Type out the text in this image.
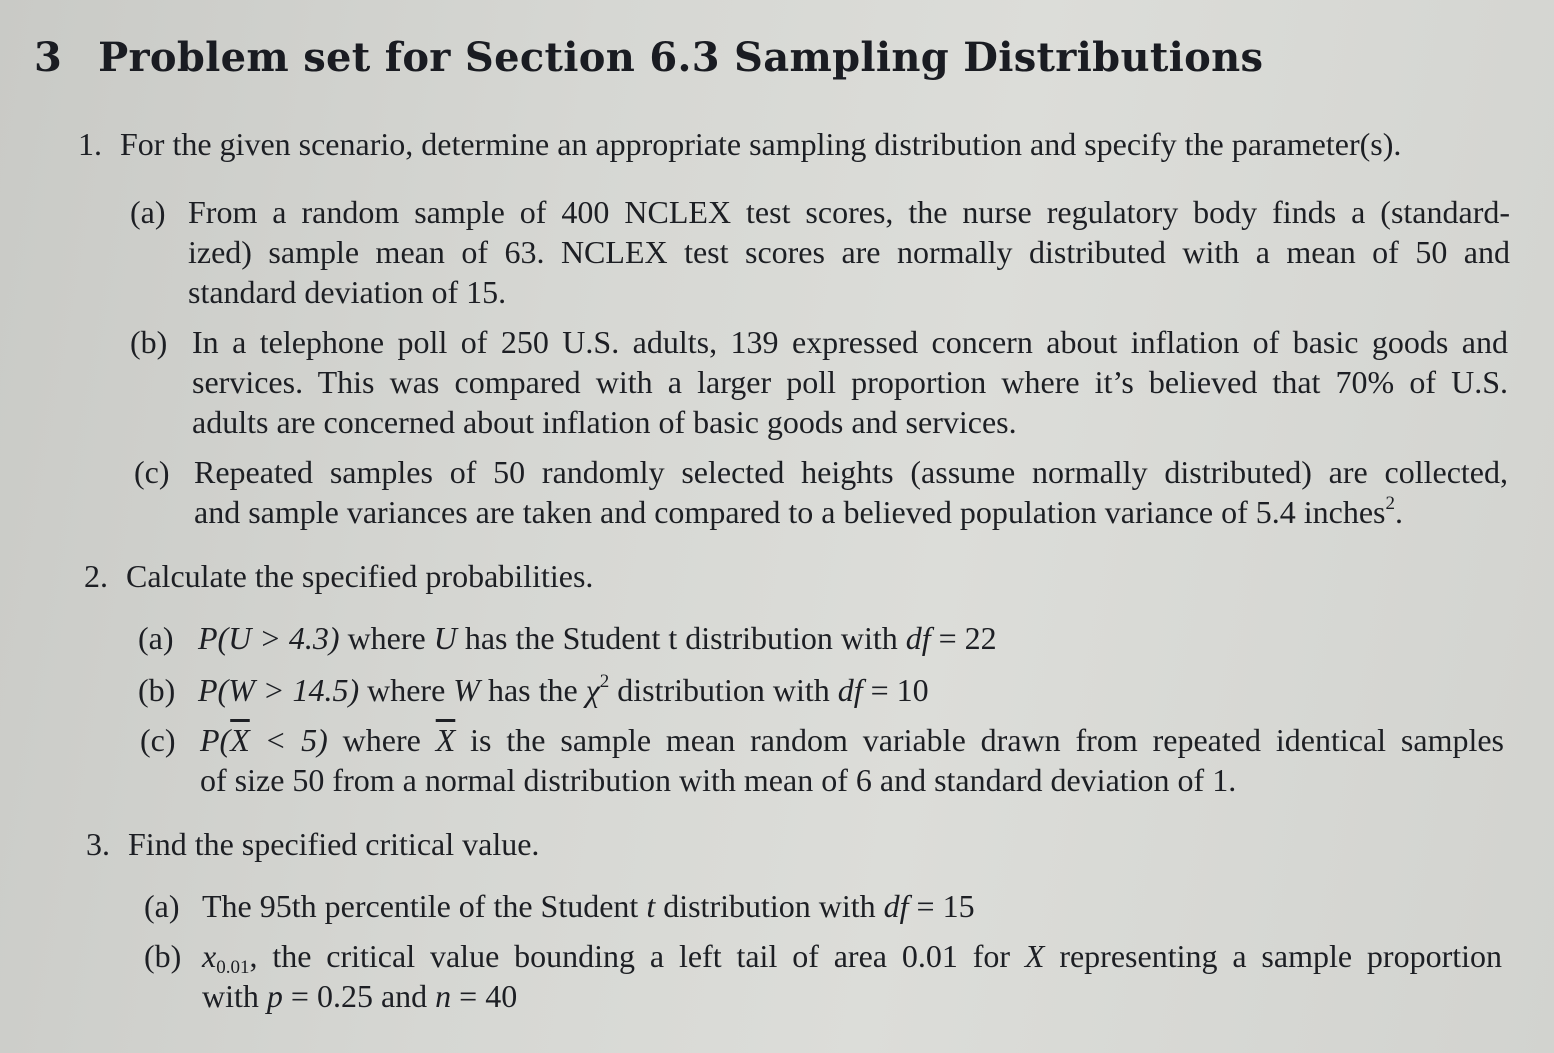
3 Problem set for Section 6.3 Sampling Distributions
1. For the given scenario, determine an appropriate sampling distribution and specify the parameter(s).
(a) From a random sample of 400 NCLEX test scores, the nurse regulatory body finds a (standard-
ized) sample mean of 63. NCLEX test scores are normally distributed with a mean of 50 and
standard deviation of 15.
(b) In a telephone poll of 250 U.S. adults, 139 expressed concern about inflation of basic goods and
services. This was compared with a larger poll proportion where it’s believed that 70% of U.S.
adults are concerned about inflation of basic goods and services.
(c) Repeated samples of 50 randomly selected heights (assume normally distributed) are collected,
and sample variances are taken and compared to a believed population variance of 5.4 inches$^2$.
2. Calculate the specified probabilities.
(a) P(U > 4.3) where U has the Student t distribution with df = 22
(b) P(W > 14.5) where W has the $\chi^2$ distribution with df = 10
(c) $P(\overline{X} < 5)$ where $\overline{X}$ is the sample mean random variable drawn from repeated identical samples
of size 50 from a normal distribution with mean of 6 and standard deviation of 1.
3. Find the specified critical value.
(a) The 95th percentile of the Student t distribution with df = 15
(b) $x_{0.01}$, the critical value bounding a left tail of area 0.01 for X representing a sample proportion
with p = 0.25 and n = 40
